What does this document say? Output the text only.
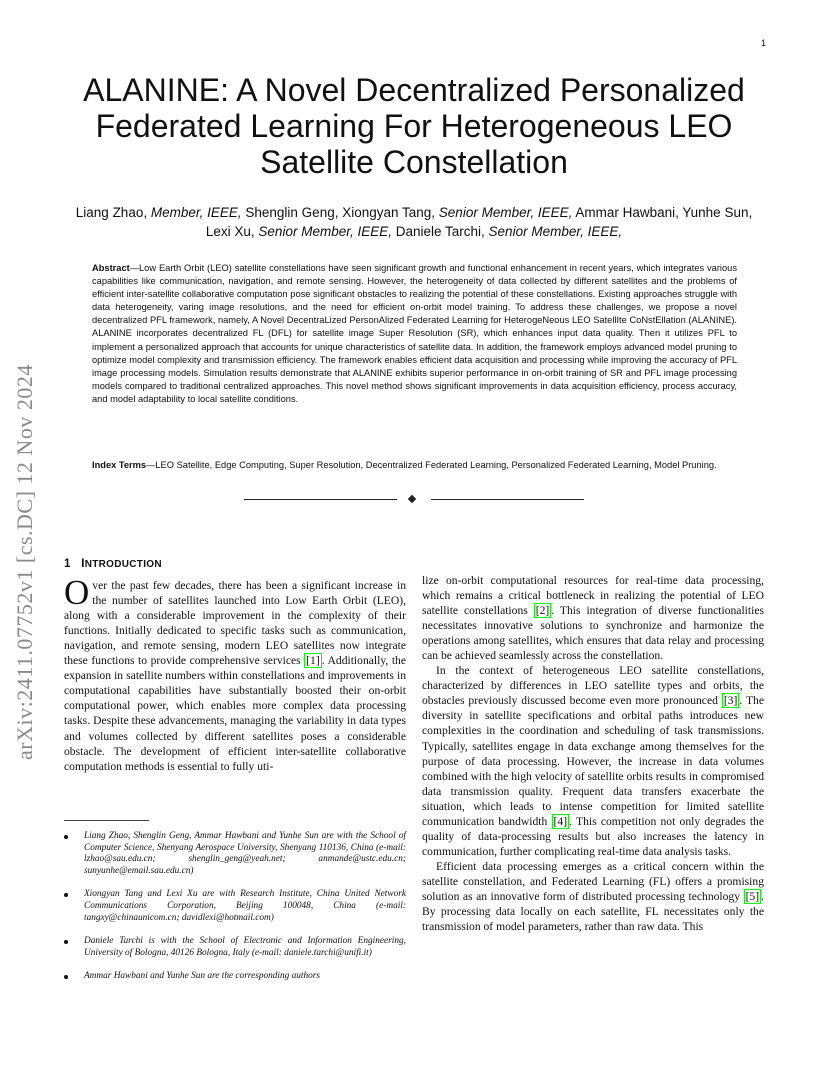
1
arXiv:2411.07752v1 [cs.DC] 12 Nov 2024
ALANINE: A Novel Decentralized Personalized Federated Learning For Heterogeneous LEO Satellite Constellation
Liang Zhao, Member, IEEE, Shenglin Geng, Xiongyan Tang, Senior Member, IEEE, Ammar Hawbani, Yunhe Sun, Lexi Xu, Senior Member, IEEE, Daniele Tarchi, Senior Member, IEEE,
Abstract—Low Earth Orbit (LEO) satellite constellations have seen significant growth and functional enhancement in recent years, which integrates various capabilities like communication, navigation, and remote sensing. However, the heterogeneity of data collected by different satellites and the problems of efficient inter-satellite collaborative computation pose significant obstacles to realizing the potential of these constellations. Existing approaches struggle with data heterogeneity, varing image resolutions, and the need for efficient on-orbit model training. To address these challenges, we propose a novel decentralized PFL framework, namely, A Novel DecentraLized PersonAlized Federated Learning for HeterogeNeous LEO SatellIte CoNstEllation (ALANINE). ALANINE incorporates decentralized FL (DFL) for satellite image Super Resolution (SR), which enhances input data quality. Then it utilizes PFL to implement a personalized approach that accounts for unique characteristics of satellite data. In addition, the framework employs advanced model pruning to optimize model complexity and transmission efficiency. The framework enables efficient data acquisition and processing while improving the accuracy of PFL image processing models. Simulation results demonstrate that ALANINE exhibits superior performance in on-orbit training of SR and PFL image processing models compared to traditional centralized approaches. This novel method shows significant improvements in data acquisition efficiency, process accuracy, and model adaptability to local satellite conditions.
Index Terms—LEO Satellite, Edge Computing, Super Resolution, Decentralized Federated Learning, Personalized Federated Learning, Model Pruning.
1 INTRODUCTION

Over the past few decades, there has been a significant increase in the number of satellites launched into Low Earth Orbit (LEO), along with a considerable improvement in the complexity of their functions. Initially dedicated to specific tasks such as communication, navigation, and remote sensing, modern LEO satellites now integrate these functions to provide comprehensive services [1] . Additionally, the expansion in satellite numbers within constellations and improvements in computational capabilities have substantially boosted their on-orbit computational power, which enables more complex data processing tasks. Despite these advancements, managing the variability in data types and volumes collected by different satellites poses a considerable obstacle. The development of efficient inter-satellite collaborative computation methods is essential to fully uti-

Liang Zhao, Shenglin Geng, Ammar Hawbani and Yunhe Sun are with the School of Computer Science, Shenyang Aerospace University, Shenyang 110136, China (e-mail: lzhao@sau.edu.cn; shenglin_geng@yeah.net; anmande@ustc.edu.cn; sunyunhe@email.sau.edu.cn)
Xiongyan Tang and Lexi Xu are with Research Institute, China United Network Communications Corporation, Beijing 100048, China (e-mail: tangxy@chinaunicom.cn; davidlexi@hotmail.com)
Daniele Tarchi is with the School of Electronic and Information Engineering, University of Bologna, 40126 Bologna, Italy (e-mail: daniele.tarchi@unifi.it)
Ammar Hawbani and Yunhe Sun are the corresponding authors

lize on-orbit computational resources for real-time data processing, which remains a critical bottleneck in realizing the potential of LEO satellite constellations [2] . This integration of diverse functionalities necessitates innovative solutions to synchronize and harmonize the operations among satellites, which ensures that data relay and processing can be achieved seamlessly across the constellation.

In the context of heterogeneous LEO satellite constellations, characterized by differences in LEO satellite types and orbits, the obstacles previously discussed become even more pronounced [3] . The diversity in satellite specifications and orbital paths introduces new complexities in the coordination and scheduling of task transmissions. Typically, satellites engage in data exchange among themselves for the purpose of data processing. However, the increase in data volumes combined with the high velocity of satellite orbits results in compromised data transmission quality. Frequent data transfers exacerbate the situation, which leads to intense competition for limited satellite communication bandwidth [4] . This competition not only degrades the quality of data-processing results but also increases the latency in communication, further complicating real-time data analysis tasks.

Efficient data processing emerges as a critical concern within the satellite constellation, and Federated Learning (FL) offers a promising solution as an innovative form of distributed processing technology [5] . By processing data locally on each satellite, FL necessitates only the transmission of model parameters, rather than raw data. This
